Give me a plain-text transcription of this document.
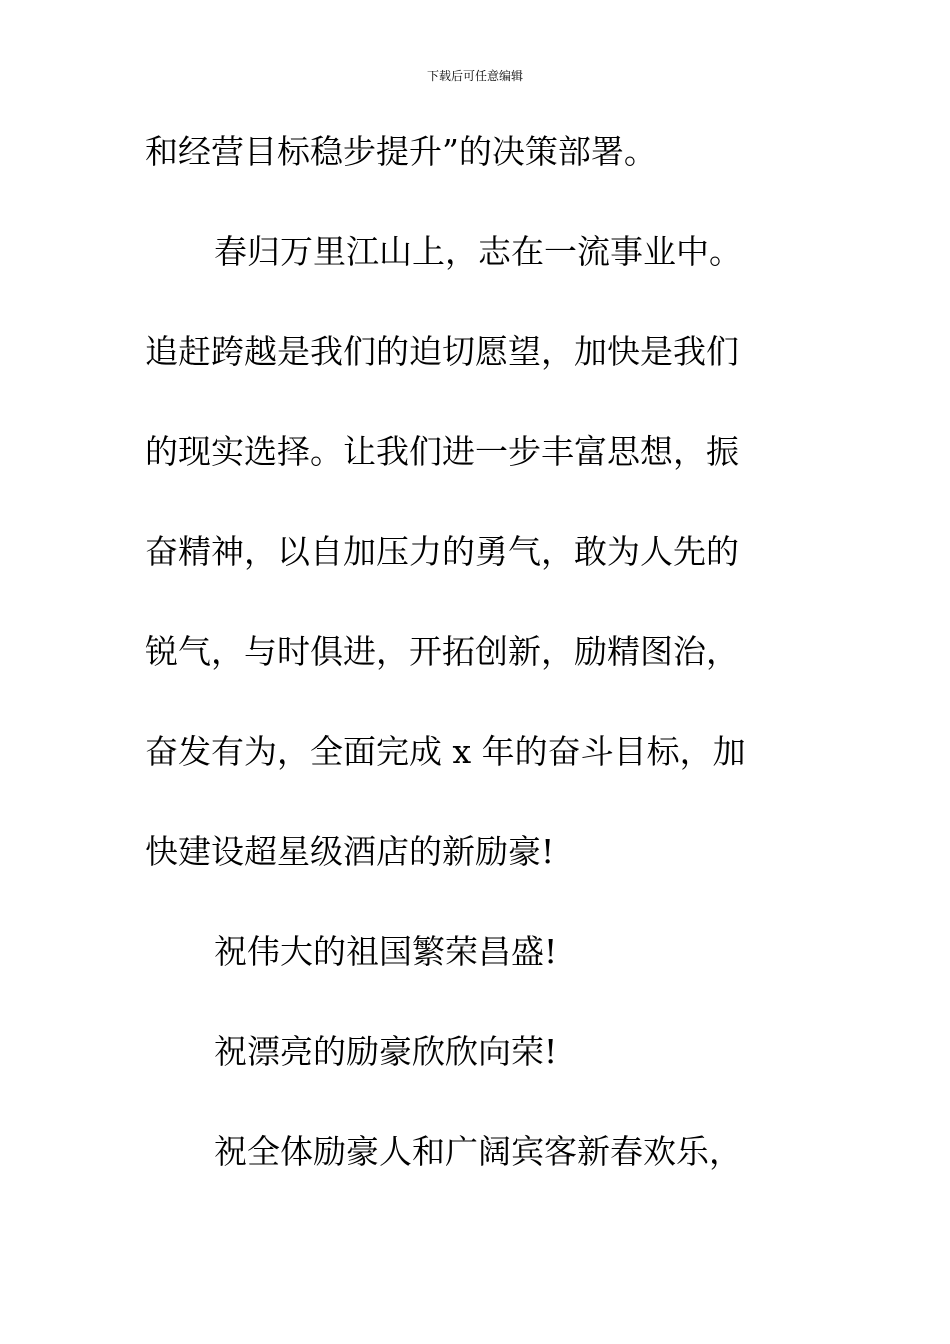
下载后可任意编辑
和经营目标稳步提升”的决策部署。
春归万里江山上，志在一流事业中。
追赶跨越是我们的迫切愿望，加快是我们
的现实选择。让我们进一步丰富思想，振
奋精神，以自加压力的勇气，敢为人先的
锐气，与时俱进，开拓创新，励精图治，
奋发有为，全面完成 x 年的奋斗目标，加
快建设超星级酒店的新励豪!
祝伟大的祖国繁荣昌盛!
祝漂亮的励豪欣欣向荣!
祝全体励豪人和广阔宾客新春欢乐，
